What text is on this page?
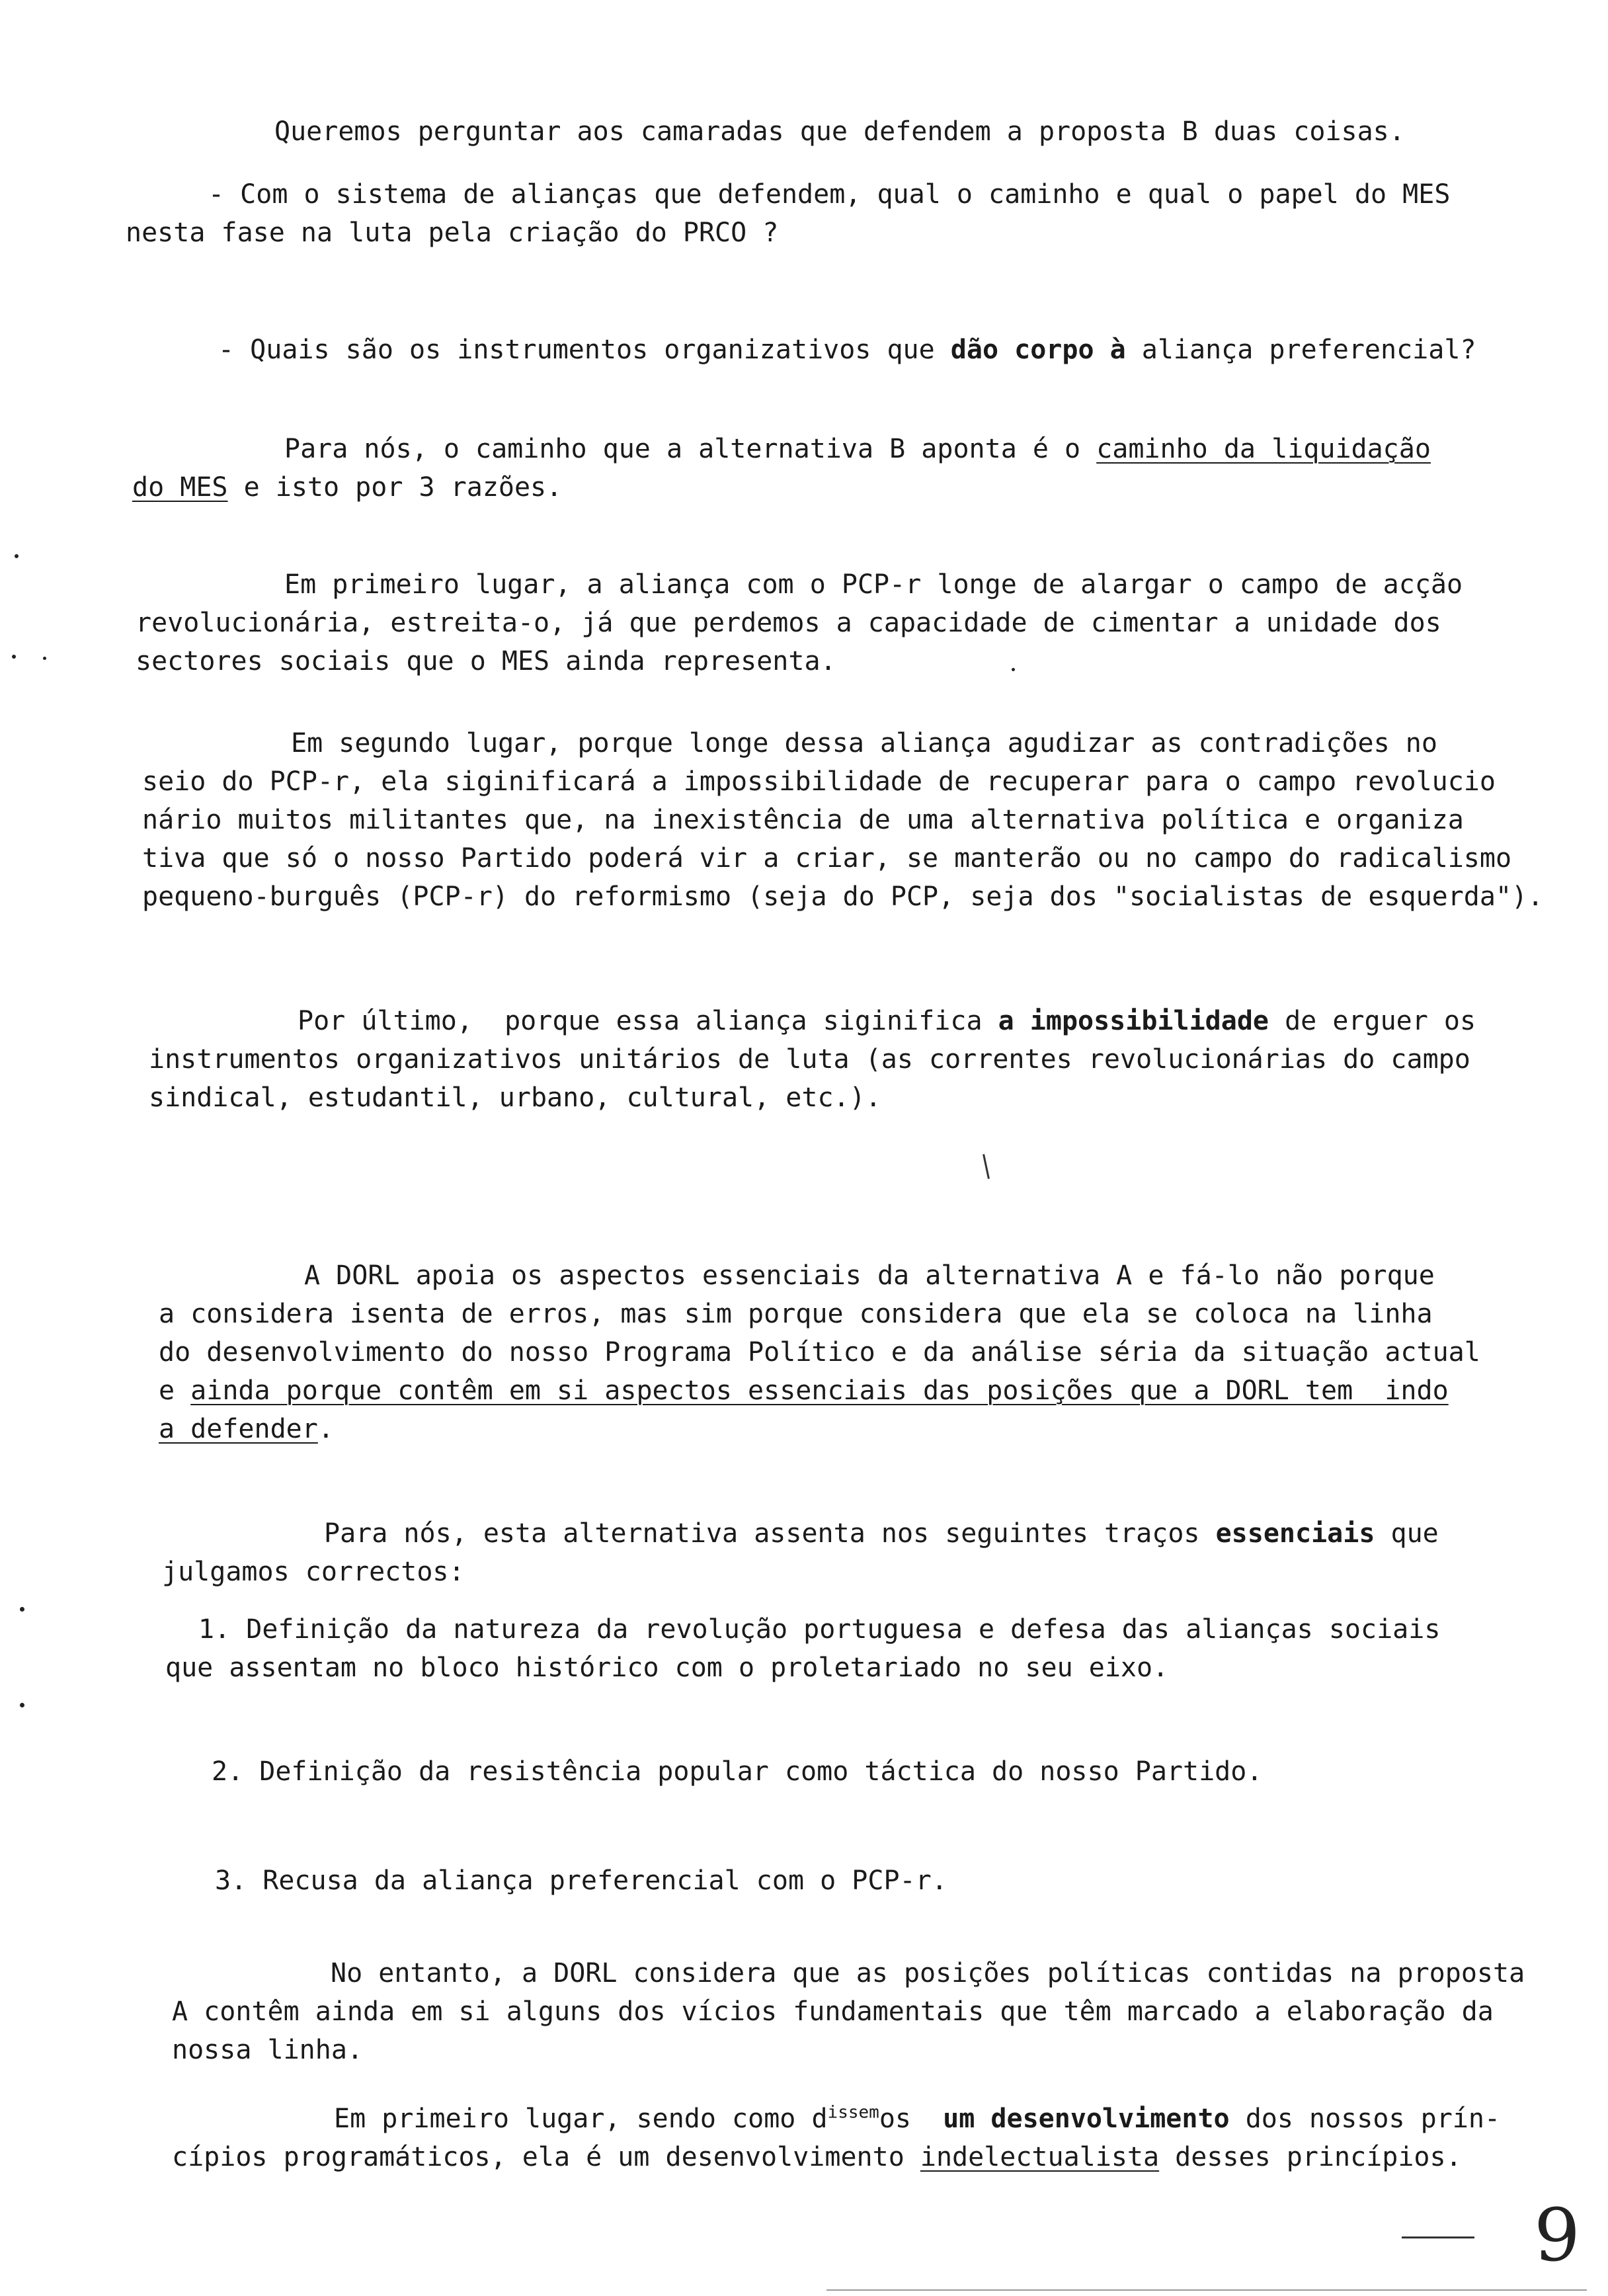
9
Queremos perguntar aos camaradas que defendem a proposta B duas coisas.
- Com o sistema de alianças que defendem, qual o caminho e qual o papel do MES
nesta fase na luta pela criação do PRCO ?
- Quais são os instrumentos organizativos que dão corpo à aliança preferencial?
Para nós, o caminho que a alternativa B aponta é o caminho da liquidação
do MES e isto por 3 razões.
Em primeiro lugar, a aliança com o PCP-r longe de alargar o campo de acção
revolucionária, estreita-o, já que perdemos a capacidade de cimentar a unidade dos
sectores sociais que o MES ainda representa.
Em segundo lugar, porque longe dessa aliança agudizar as contradições no
seio do PCP-r, ela siginificará a impossibilidade de recuperar para o campo revolucio
nário muitos militantes que, na inexistência de uma alternativa política e organiza
tiva que só o nosso Partido poderá vir a criar, se manterão ou no campo do radicalismo
pequeno-burguês (PCP-r) do reformismo (seja do PCP, seja dos "socialistas de esquerda").
Por último,  porque essa aliança siginifica a impossibilidade de erguer os
instrumentos organizativos unitários de luta (as correntes revolucionárias do campo
sindical, estudantil, urbano, cultural, etc.).
A DORL apoia os aspectos essenciais da alternativa A e fá-lo não porque
a considera isenta de erros, mas sim porque considera que ela se coloca na linha
do desenvolvimento do nosso Programa Político e da análise séria da situação actual
e ainda porque contêm em si aspectos essenciais das posições que a DORL tem  indo
a defender.
Para nós, esta alternativa assenta nos seguintes traços essenciais que
julgamos correctos:
1. Definição da natureza da revolução portuguesa e defesa das alianças sociais
que assentam no bloco histórico com o proletariado no seu eixo.
2. Definição da resistência popular como táctica do nosso Partido.
3. Recusa da aliança preferencial com o PCP-r.
No entanto, a DORL considera que as posições políticas contidas na proposta
A contêm ainda em si alguns dos vícios fundamentais que têm marcado a elaboração da
nossa linha.
Em primeiro lugar, sendo como $d^{issem}os$  um desenvolvimento dos nossos prín-
cípios programáticos, ela é um desenvolvimento indelectualista desses princípios.
